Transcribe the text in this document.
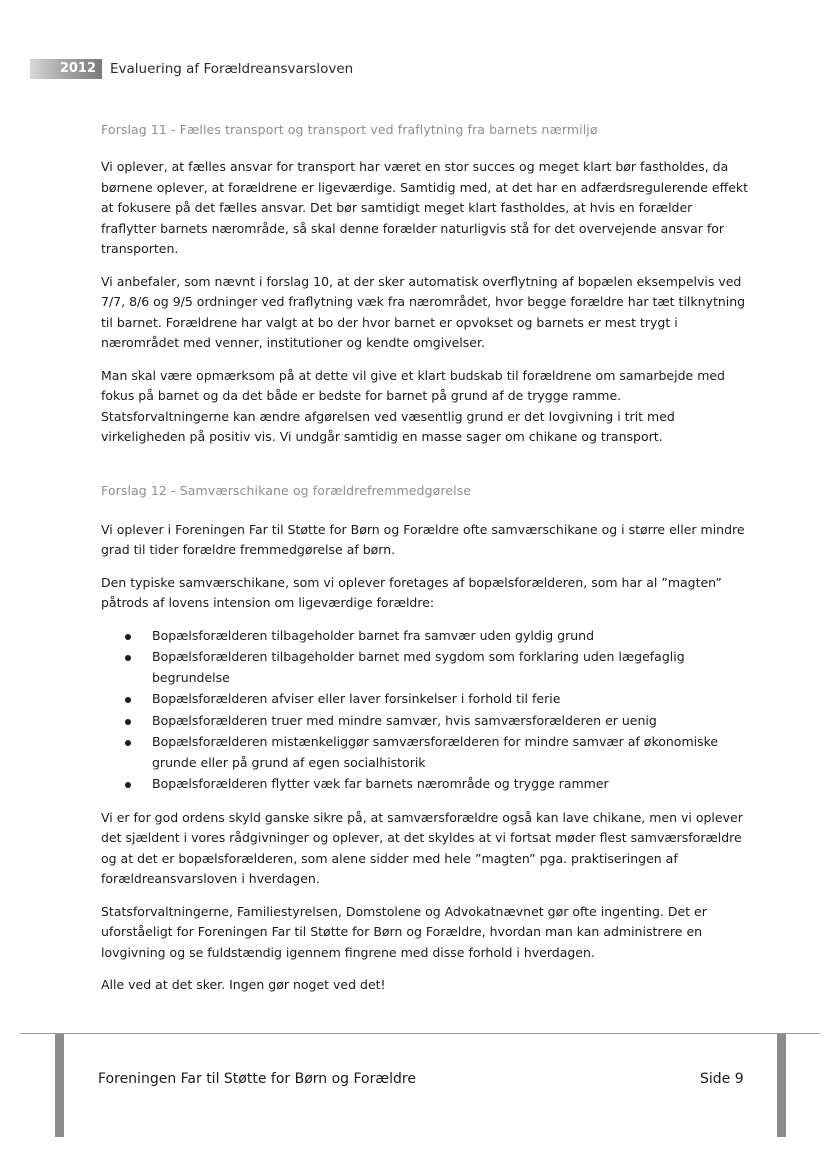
2012	Evaluering af Forældreansvarsloven
Forslag 11 - Fælles transport og transport ved fraflytning fra barnets nærmiljø

Vi oplever, at fælles ansvar for transport har været en stor succes og meget klart bør fastholdes, da børnene oplever, at forældrene er ligeværdige. Samtidig med, at det har en adfærdsregulerende effekt at fokusere på det fælles ansvar. Det bør samtidigt meget klart fastholdes, at hvis en forælder fraflytter barnets nærområde, så skal denne forælder naturligvis stå for det overvejende ansvar for transporten.

Vi anbefaler, som nævnt i forslag 10, at der sker automatisk overflytning af bopælen eksempelvis ved 7/7, 8/6 og 9/5 ordninger ved fraflytning væk fra nærområdet, hvor begge forældre har tæt tilknytning til barnet. Forældrene har valgt at bo der hvor barnet er opvokset og barnets er mest trygt i nærområdet med venner, institutioner og kendte omgivelser.

Man skal være opmærksom på at dette vil give et klart budskab til forældrene om samarbejde med fokus på barnet og da det både er bedste for barnet på grund af de trygge ramme. Statsforvaltningerne kan ændre afgørelsen ved væsentlig grund er det lovgivning i trit med virkeligheden på positiv vis. Vi undgår samtidig en masse sager om chikane og transport.

Forslag 12 - Samværschikane og forældrefremmedgørelse

Vi oplever i Foreningen Far til Støtte for Børn og Forældre ofte samværschikane og i større eller mindre grad til tider forældre fremmedgørelse af børn.

Den typiske samværschikane, som vi oplever foretages af bopælsforælderen, som har al ”magten” påtrods af lovens intension om ligeværdige forældre:

Bopælsforælderen tilbageholder barnet fra samvær uden gyldig grund
Bopælsforælderen tilbageholder barnet med sygdom som forklaring uden lægefaglig begrundelse
Bopælsforælderen afviser eller laver forsinkelser i forhold til ferie
Bopælsforælderen truer med mindre samvær, hvis samværsforælderen er uenig
Bopælsforælderen mistænkeliggør samværsforælderen for mindre samvær af økonomiske grunde eller på grund af egen socialhistorik
Bopælsforælderen flytter væk far barnets nærområde og trygge rammer

Vi er for god ordens skyld ganske sikre på, at samværsforældre også kan lave chikane, men vi oplever det sjældent i vores rådgivninger og oplever, at det skyldes at vi fortsat møder flest samværsforældre og at det er bopælsforælderen, som alene sidder med hele ”magten” pga. praktiseringen af forældreansvarsloven i hverdagen.

Statsforvaltningerne, Familiestyrelsen, Domstolene og Advokatnævnet gør ofte ingenting. Det er uforståeligt for Foreningen Far til Støtte for Børn og Forældre, hvordan man kan administrere en lovgivning og se fuldstændig igennem fingrene med disse forhold i hverdagen.

Alle ved at det sker. Ingen gør noget ved det!

Foreningen Far til Støtte for Børn og Forældre	Side 9
